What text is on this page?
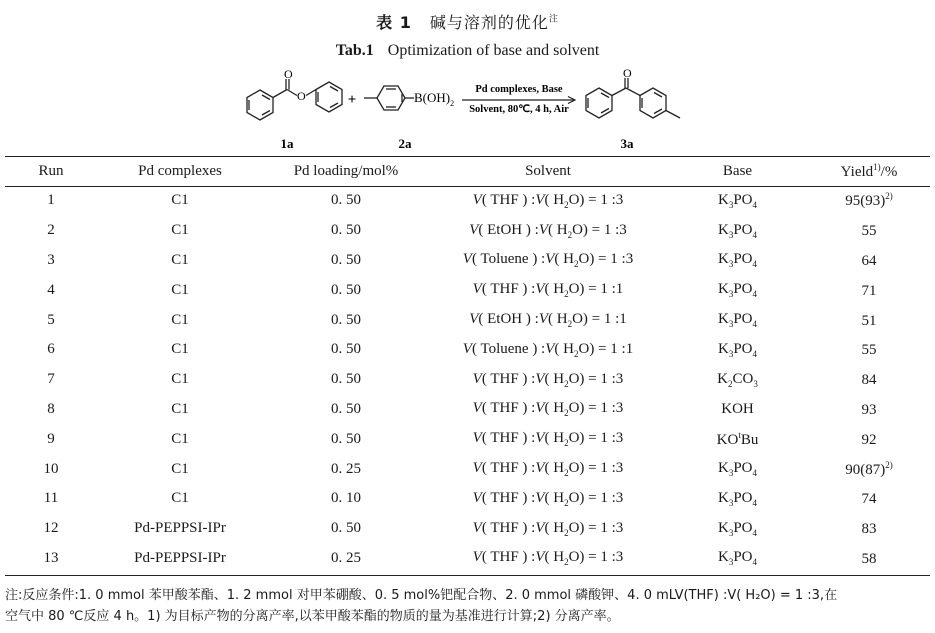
表 1 碱与溶剂的优化$^注$
Tab.1 Optimization of base and solvent
O
O
1a
+	$B(OH)_2$
2a
Pd complexes, Base
Solvent, 80℃, 4 h, Air
O
3a
Run	Pd complexes	Pd loading/mol%	Solvent	Base	Yield$^{1)}$/%
1	C1	0. 50	V( THF ) :V( $H_2O) = 1$ :3	$K_3PO_4$	$95(93)^{2)}$
2	C1	0. 50	V( EtOH ) :V( $H_2O) = 1$ :3	$K_3PO_4$	55
3	C1	0. 50	V( Toluene ) :V( $H_2O) = 1$ :3	$K_3PO_4$	64
4	C1	0. 50	V( THF ) :V( $H_2O) = 1$ :1	$K_3PO_4$	71
5	C1	0. 50	V( EtOH ) :V( $H_2O) = 1$ :1	$K_3PO_4$	51
6	C1	0. 50	V( Toluene ) :V( $H_2O) = 1$ :1	$K_3PO_4$	55
7	C1	0. 50	V( THF ) :V( $H_2O) = 1$ :3	$K_2CO_3$	84
8	C1	0. 50	V( THF ) :V( $H_2O) = 1$ :3	KOH	93
9	C1	0. 50	V( THF ) :V( $H_2O) = 1$ :3	$KO^tBu$	92
10	C1	0. 25	V( THF ) :V( $H_2O) = 1$ :3	$K_3PO_4$	$90(87)^{2)}$
11	C1	0. 10	V( THF ) :V( $H_2O) = 1$ :3	$K_3PO_4$	74
12	Pd-PEPPSI-IPr	0. 50	V( THF ) :V( $H_2O) = 1$ :3	$K_3PO_4$	83
13	Pd-PEPPSI-IPr	0. 25	V( THF ) :V( $H_2O) = 1$ :3	$K_3PO_4$	58
注:反应条件:1. 0 mmol 苯甲酸苯酯、1. 2 mmol 对甲苯硼酸、0. 5 mol%钯配合物、2. 0 mmol 磷酸钾、4. 0 mLV(THF) :V( H₂O) = 1 :3,在
空气中 80 ℃反应 4 h。1) 为目标产物的分离产率,以苯甲酸苯酯的物质的量为基准进行计算;2) 分离产率。
